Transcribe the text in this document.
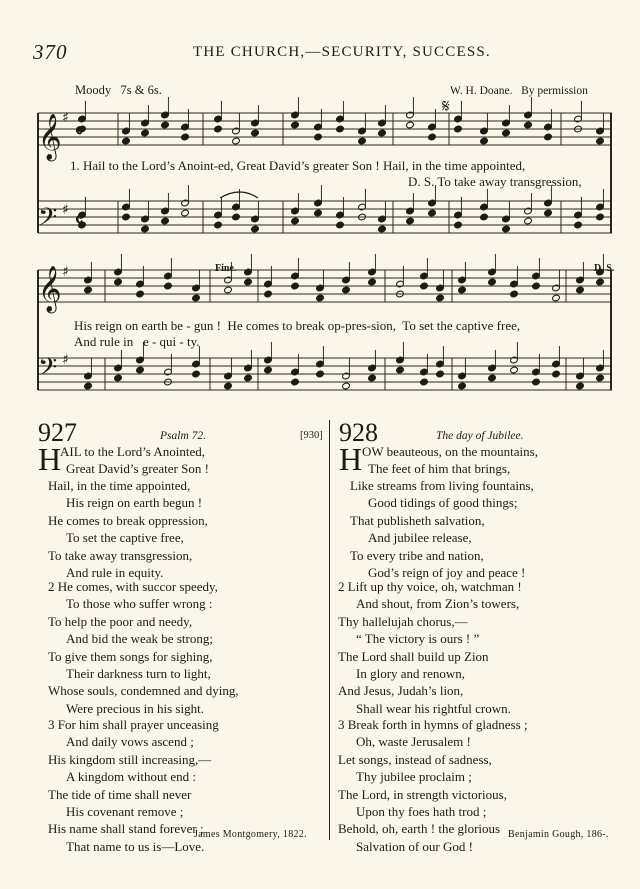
370	THE CHURCH,—SECURITY, SUCCESS.
Moody   7s & 6s.	W. H. Doane.   By permission
𝄞
𝄢
𝄞
𝄢
♯
♯
♯
♯
𝄴
𝄴
𝄋
Fine.	D. S.
1. Hail to the Lord’s Anoint-ed, Great David’s greater Son ! Hail, in the time appointed,
D. S. To take away transgression,
His reign on earth be - gun !  He comes to break op-pres-sion,  To set the captive free,
And rule in   e - qui - ty.
927	Psalm 72.	[930]
H
AIL to the Lord’s Anointed,
Great David’s greater Son !
Hail, in the time appointed,
His reign on earth begun !
He comes to break oppression,
To set the captive free,
To take away transgression,
And rule in equity.
2 He comes, with succor speedy,
To those who suffer wrong :
To help the poor and needy,
And bid the weak be strong;
To give them songs for sighing,
Their darkness turn to light,
Whose souls, condemned and dying,
Were precious in his sight.
3 For him shall prayer unceasing
And daily vows ascend ;
His kingdom still increasing,—
A kingdom without end :
The tide of time shall never
His covenant remove ;
His name shall stand forever ;
That name to us is—Love.
James Montgomery, 1822.
928	The day of Jubilee.
H OW beauteous, on the mountains,
The feet of him that brings,
Like streams from living fountains,
Good tidings of good things;
That publisheth salvation,
And jubilee release,
To every tribe and nation,
God’s reign of joy and peace !
2 Lift up thy voice, oh, watchman !
And shout, from Zion’s towers,
Thy hallelujah chorus,—
“ The victory is ours ! ”
The Lord shall build up Zion
In glory and renown,
And Jesus, Judah’s lion,
Shall wear his rightful crown.
3 Break forth in hymns of gladness ;
Oh, waste Jerusalem !
Let songs, instead of sadness,
Thy jubilee proclaim ;
The Lord, in strength victorious,
Upon thy foes hath trod ;
Behold, oh, earth ! the glorious
Salvation of our God !
Benjamin Gough, 186-.
